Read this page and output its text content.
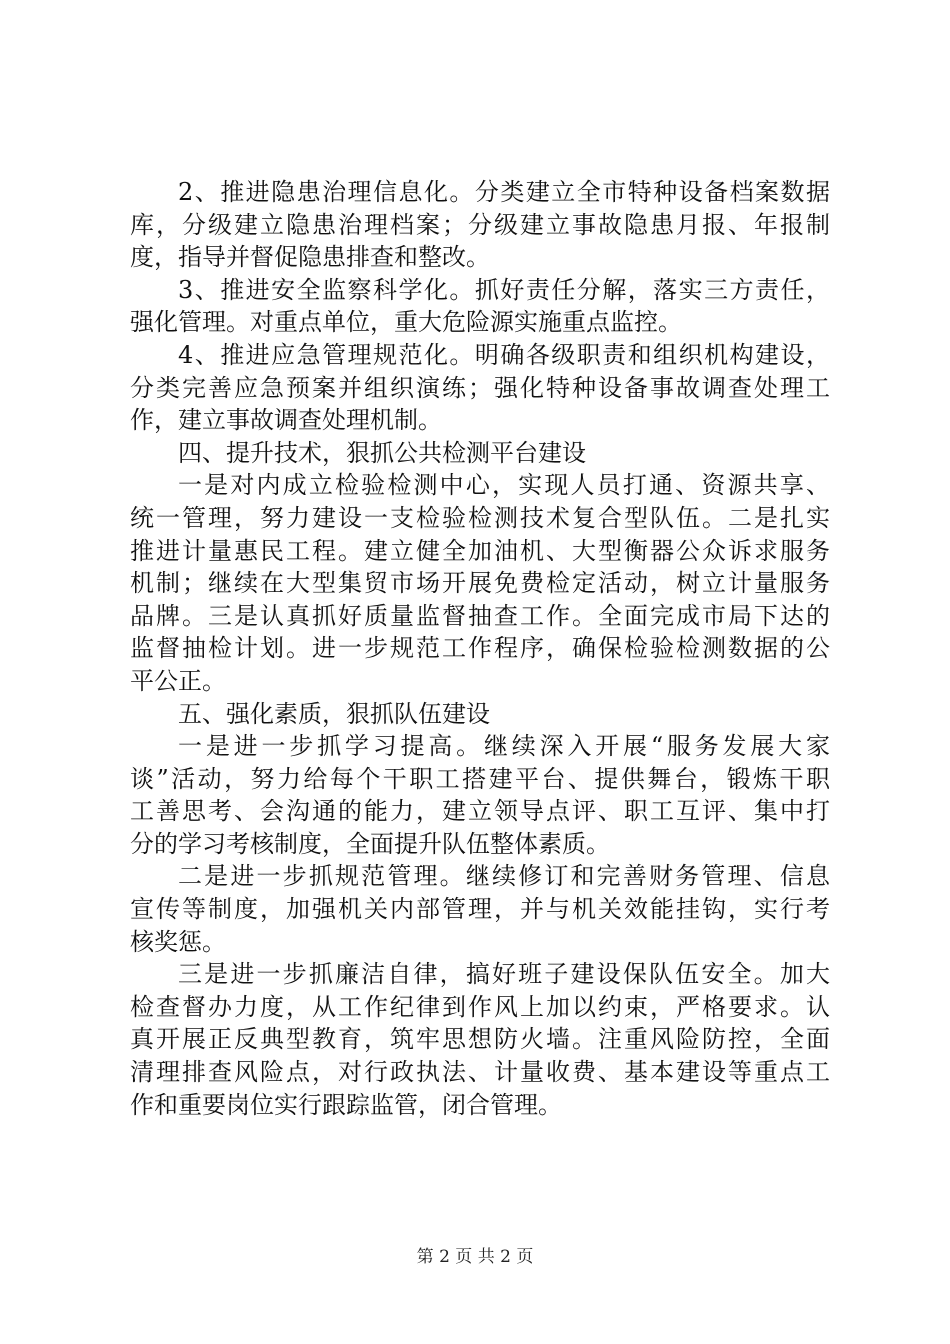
2、推进隐患治理信息化。分类建立全市特种设备档案数据
库，分级建立隐患治理档案；分级建立事故隐患月报、年报制
度，指导并督促隐患排查和整改。
3、推进安全监察科学化。抓好责任分解，落实三方责任，
强化管理。对重点单位，重大危险源实施重点监控。
4、推进应急管理规范化。明确各级职责和组织机构建设，
分类完善应急预案并组织演练；强化特种设备事故调查处理工
作，建立事故调查处理机制。
四、提升技术，狠抓公共检测平台建设
一是对内成立检验检测中心，实现人员打通、资源共享、
统一管理，努力建设一支检验检测技术复合型队伍。二是扎实
推进计量惠民工程。建立健全加油机、大型衡器公众诉求服务
机制；继续在大型集贸市场开展免费检定活动，树立计量服务
品牌。三是认真抓好质量监督抽查工作。全面完成市局下达的
监督抽检计划。进一步规范工作程序，确保检验检测数据的公
平公正。
五、强化素质，狠抓队伍建设
一是进一步抓学习提高。继续深入开展“服务发展大家
谈”活动，努力给每个干职工搭建平台、提供舞台，锻炼干职
工善思考、会沟通的能力，建立领导点评、职工互评、集中打
分的学习考核制度，全面提升队伍整体素质。
二是进一步抓规范管理。继续修订和完善财务管理、信息
宣传等制度，加强机关内部管理，并与机关效能挂钩，实行考
核奖惩。
三是进一步抓廉洁自律，搞好班子建设保队伍安全。加大
检查督办力度，从工作纪律到作风上加以约束，严格要求。认
真开展正反典型教育，筑牢思想防火墙。注重风险防控，全面
清理排查风险点，对行政执法、计量收费、基本建设等重点工
作和重要岗位实行跟踪监管，闭合管理。
第 2 页 共 2 页
